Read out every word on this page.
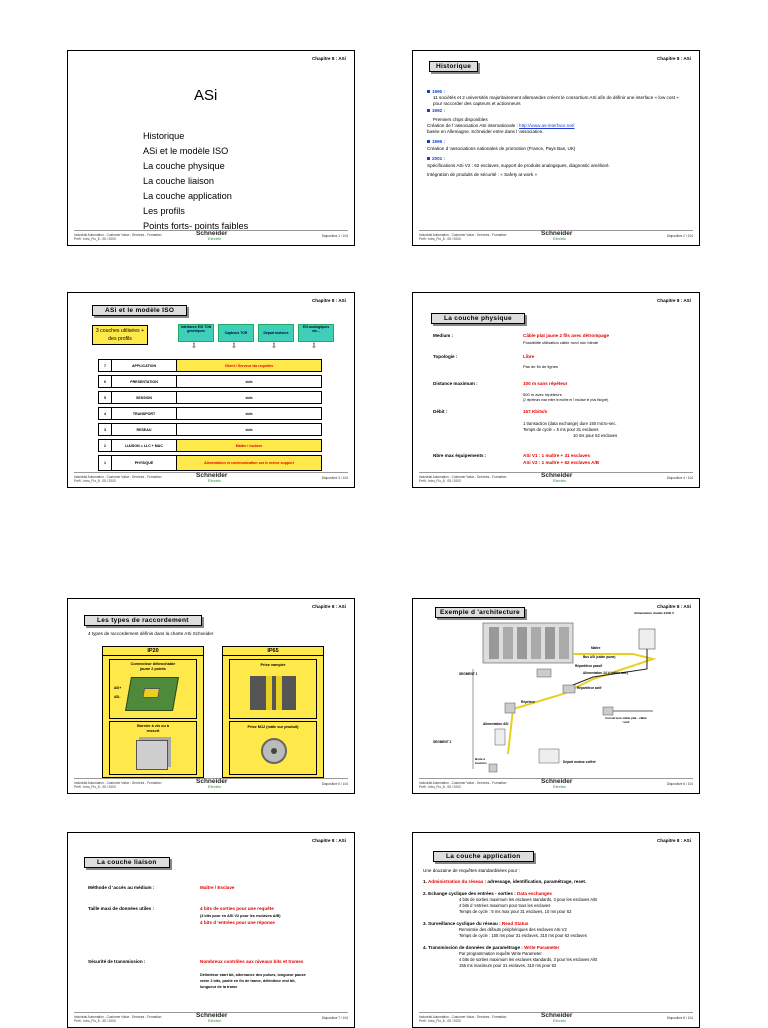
Chapitre 8 : ASi
ASi
Historique
ASi et le modèle ISO
La couche physique
La couche liaison
La couche application
Les profils
Points forts- points faibles
Industrial Automation - Customer Value - Services - Formation
Préfi : Intro_FIo_8 - 05 / 2003
Schneider
Electric	Diapositive 1 / 104
Chapitre 8 : ASi
Historique
1990 :
11 sociétés et 2 universités majoritairement allemandes créent le consortium ASi afin de définir une interface « low cost » pour raccorder des capteurs et actionneurs
1992 :
Premiers chips disponibles
Création de l 'association ASi internationale : http://www.as-interface.net/
basée en Allemagne. Schneider entre dans l 'association.
1996 :
Création d 'associations nationales de promotion (France, Pays Bas, UK)
2001 :
Spécifications ASi V2 : 62 esclaves, support de produits analogiques, diagnostic amélioré.
Intégration de produits de sécurité : « Safety at work »
Industrial Automation - Customer Value - Services - Formation
Préfi : Intro_FIo_8 - 05 / 2003
Schneider
Electric	Diapositive 2 / 104
Chapitre 8 : ASi
ASi et le modèle ISO
3 couches utilisées + des profils
Interfaces E/S TON génériques	Capteurs TOR	Départ moteurs
E/S analogiques etc...
⇩	⇩	⇩	⇩
7	APPLICATION	Client / Serveur via requêtes
6	PRESENTATION	vide
5	SESSION	vide
4	TRANSPORT	vide
3	RESEAU	vide
2	LIAISON = LLC + MAC	Maître / esclave
1	PHYSIQUE	Alimentation et communication sur le même support
Industrial Automation - Customer Value - Services - Formation
Préfi : Intro_FIo_8 - 05 / 2003
Schneider
Electric	Diapositive 3 / 104
Chapitre 8 : ASi
La couche physique
Medium :	Câble plat jaune 2 fils avec détrompage
Possibilité utilisation câble rond non blindé
Topologie :	Libre
Pas de fin de lignes
Distance maximum :	100 m sans répéteur
500 m avec répéteurs
(2 répéteurs max entre le maître et l 'esclave le plus éloigné)
Débit :	167 Kbits/s
1 transaction (data exchange) dure 150 micro-sec.
Temps de cycle = 5 ms pour 31 esclaves
10 ms pour 62 esclaves
Nbre max équipements :	ASi V1 : 1 maître + 31 esclaves
ASi V2 : 1 maître + 62 esclaves A/B
Industrial Automation - Customer Value - Services - Formation
Préfi : Intro_FIo_8 - 05 / 2003
Schneider
Electric	Diapositive 4 / 104
Chapitre 8 : ASi
Les types de raccordement
4 types de raccordement définis dans la charte ASi Schneider
IP20
Connecteur débrochable jaune 2 points
ASi+
ASi-
Bornier à vis ou à ressort
IP65
Prise vampire
Prise M12 (mâle sur produit)
Industrial Automation - Customer Value - Services - Formation
Préfi : Intro_FIo_8 - 05 / 2003
Schneider
Electric	Diapositive 5 / 104
Chapitre 8 : ASi
Exemple d 'architecture	Alimentation double 24/30 V
Maître
Bus ASi (câble jaune)
Répartiteur passif
Alimentation 24 V (câble noir)
Répartiteur actif
SEGMENT 1
Répéteur
Alimentation ASi
Conversion câble plat - câble rond
SEGMENT 2
Boite à boutons	Départ moteur coffret
Industrial Automation - Customer Value - Services - Formation
Préfi : Intro_FIo_8 - 05 / 2003
Schneider
Electric	Diapositive 6 / 104
Chapitre 8 : ASi
La couche liaison
Méthode d 'accès au médium :	Maître / Esclave
Taille maxi de données utiles :	4 bits de sorties pour une requête
(3 bits pour en ASi V2 pour les esclaves A/B)
4 bits d 'entrées pour une réponse
Sécurité de transmission :	Nombreux contrôles aux niveaux bits et trames
Délimiteur start bit, alternance des pulses, longueur pause entre 2 bits, parité en fin de trame, délimiteur end bit, longueur de la trame
Industrial Automation - Customer Value - Services - Formation
Préfi : Intro_FIo_8 - 05 / 2003
Schneider
Electric	Diapositive 7 / 104
Chapitre 8 : ASi
La couche application
Une douzaine de requêtes standardisées pour :
1. Administration du réseau : adressage, identification, paramétrage, reset.
2. Echange cyclique des entrées - sorties : Data exchanges
4 bits de sorties maximum les esclaves standards, 3 pour les esclaves A/B
4 bits d 'entrées maximum pour tous les esclaves
Temps de cycle : 5 ms max pour 31 esclaves, 10 ms pour 62
3. Surveillance cyclique du réseau : Read Status
Remontée des défauts périphériques des esclaves ASi V2
Temps de cycle : 155 ms pour 31 esclaves, 310 ms pour 62 esclaves
4. Transmission de données de paramétrage : Write Parameter
Par programmation requête Write Parameter
4 bits de sorties maximum les esclaves standards, 3 pour les esclaves A/B
155 ms maximum pour 31 esclaves, 310 ms pour 62
Industrial Automation - Customer Value - Services - Formation
Préfi : Intro_FIo_8 - 05 / 2003
Schneider
Electric	Diapositive 8 / 104
